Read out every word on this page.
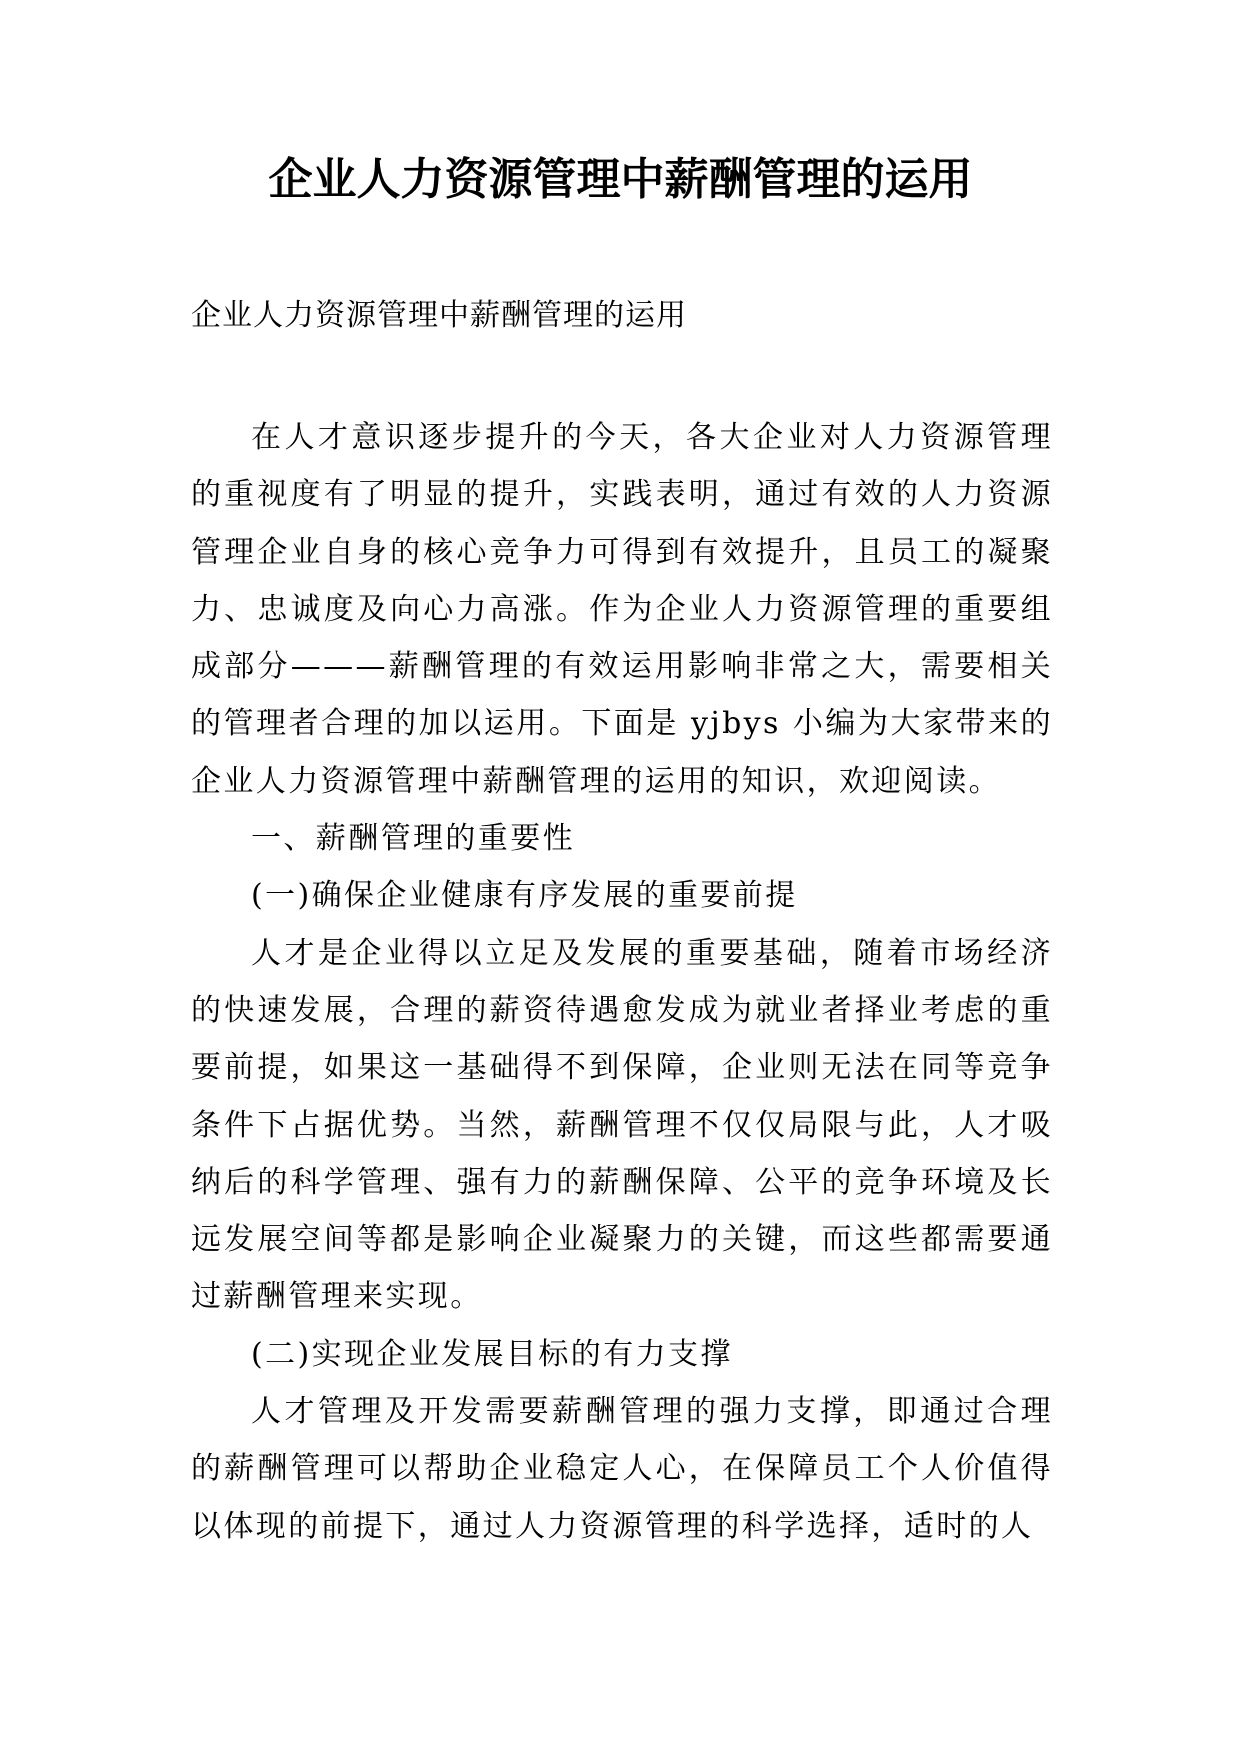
企业人力资源管理中薪酬管理的运用
企业人力资源管理中薪酬管理的运用

在人才意识逐步提升的今天，各大企业对人力资源管理的重视度有了明显的提升，实践表明，通过有效的人力资源管理企业自身的核心竞争力可得到有效提升，且员工的凝聚力、忠诚度及向心力高涨。作为企业人力资源管理的重要组成部分———薪酬管理的有效运用影响非常之大，需要相关的管理者合理的加以运用。下面是 yjbys 小编为大家带来的企业人力资源管理中薪酬管理的运用的知识，欢迎阅读。

一、薪酬管理的重要性

(一)确保企业健康有序发展的重要前提

人才是企业得以立足及发展的重要基础，随着市场经济的快速发展，合理的薪资待遇愈发成为就业者择业考虑的重要前提，如果这一基础得不到保障，企业则无法在同等竞争条件下占据优势。当然，薪酬管理不仅仅局限与此，人才吸纳后的科学管理、强有力的薪酬保障、公平的竞争环境及长远发展空间等都是影响企业凝聚力的关键，而这些都需要通过薪酬管理来实现。

(二)实现企业发展目标的有力支撑

人才管理及开发需要薪酬管理的强力支撑，即通过合理的薪酬管理可以帮助企业稳定人心，在保障员工个人价值得以体现的前提下，通过人力资源管理的科学选择，适时的人
